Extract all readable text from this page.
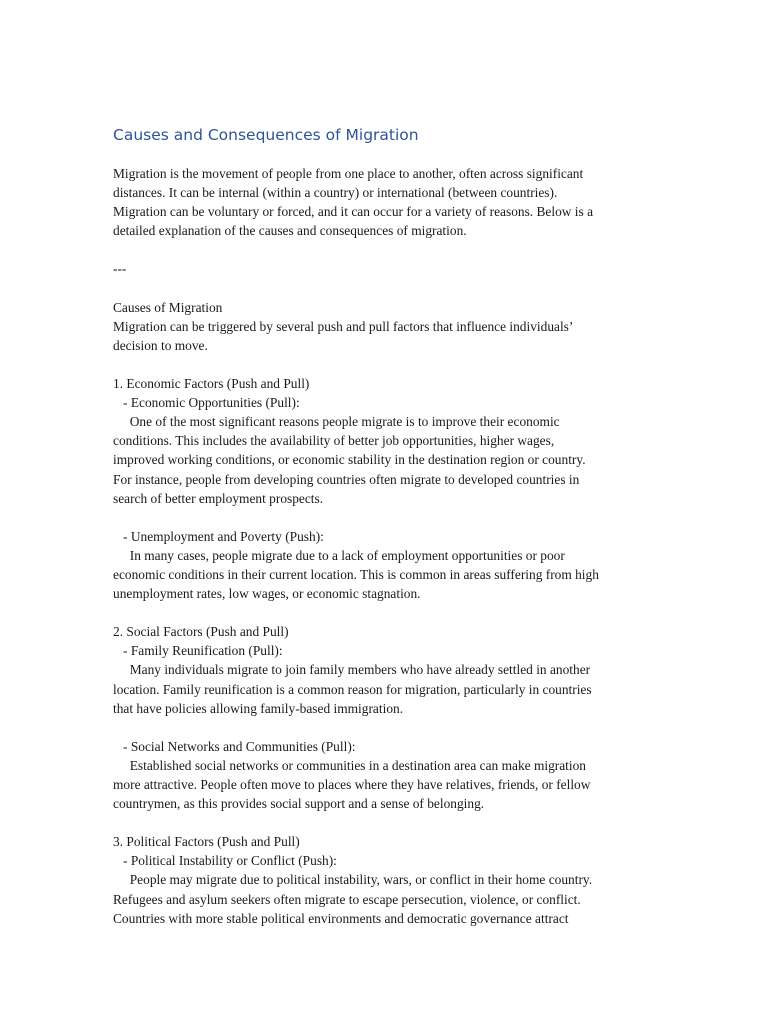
Causes and Consequences of Migration
Migration is the movement of people from one place to another, often across significant
distances. It can be internal (within a country) or international (between countries).
Migration can be voluntary or forced, and it can occur for a variety of reasons. Below is a
detailed explanation of the causes and consequences of migration.
---
Causes of Migration
Migration can be triggered by several push and pull factors that influence individuals’
decision to move.
1. Economic Factors (Push and Pull)
- Economic Opportunities (Pull):
One of the most significant reasons people migrate is to improve their economic
conditions. This includes the availability of better job opportunities, higher wages,
improved working conditions, or economic stability in the destination region or country.
For instance, people from developing countries often migrate to developed countries in
search of better employment prospects.
- Unemployment and Poverty (Push):
In many cases, people migrate due to a lack of employment opportunities or poor
economic conditions in their current location. This is common in areas suffering from high
unemployment rates, low wages, or economic stagnation.
2. Social Factors (Push and Pull)
- Family Reunification (Pull):
Many individuals migrate to join family members who have already settled in another
location. Family reunification is a common reason for migration, particularly in countries
that have policies allowing family-based immigration.
- Social Networks and Communities (Pull):
Established social networks or communities in a destination area can make migration
more attractive. People often move to places where they have relatives, friends, or fellow
countrymen, as this provides social support and a sense of belonging.
3. Political Factors (Push and Pull)
- Political Instability or Conflict (Push):
People may migrate due to political instability, wars, or conflict in their home country.
Refugees and asylum seekers often migrate to escape persecution, violence, or conflict.
Countries with more stable political environments and democratic governance attract
